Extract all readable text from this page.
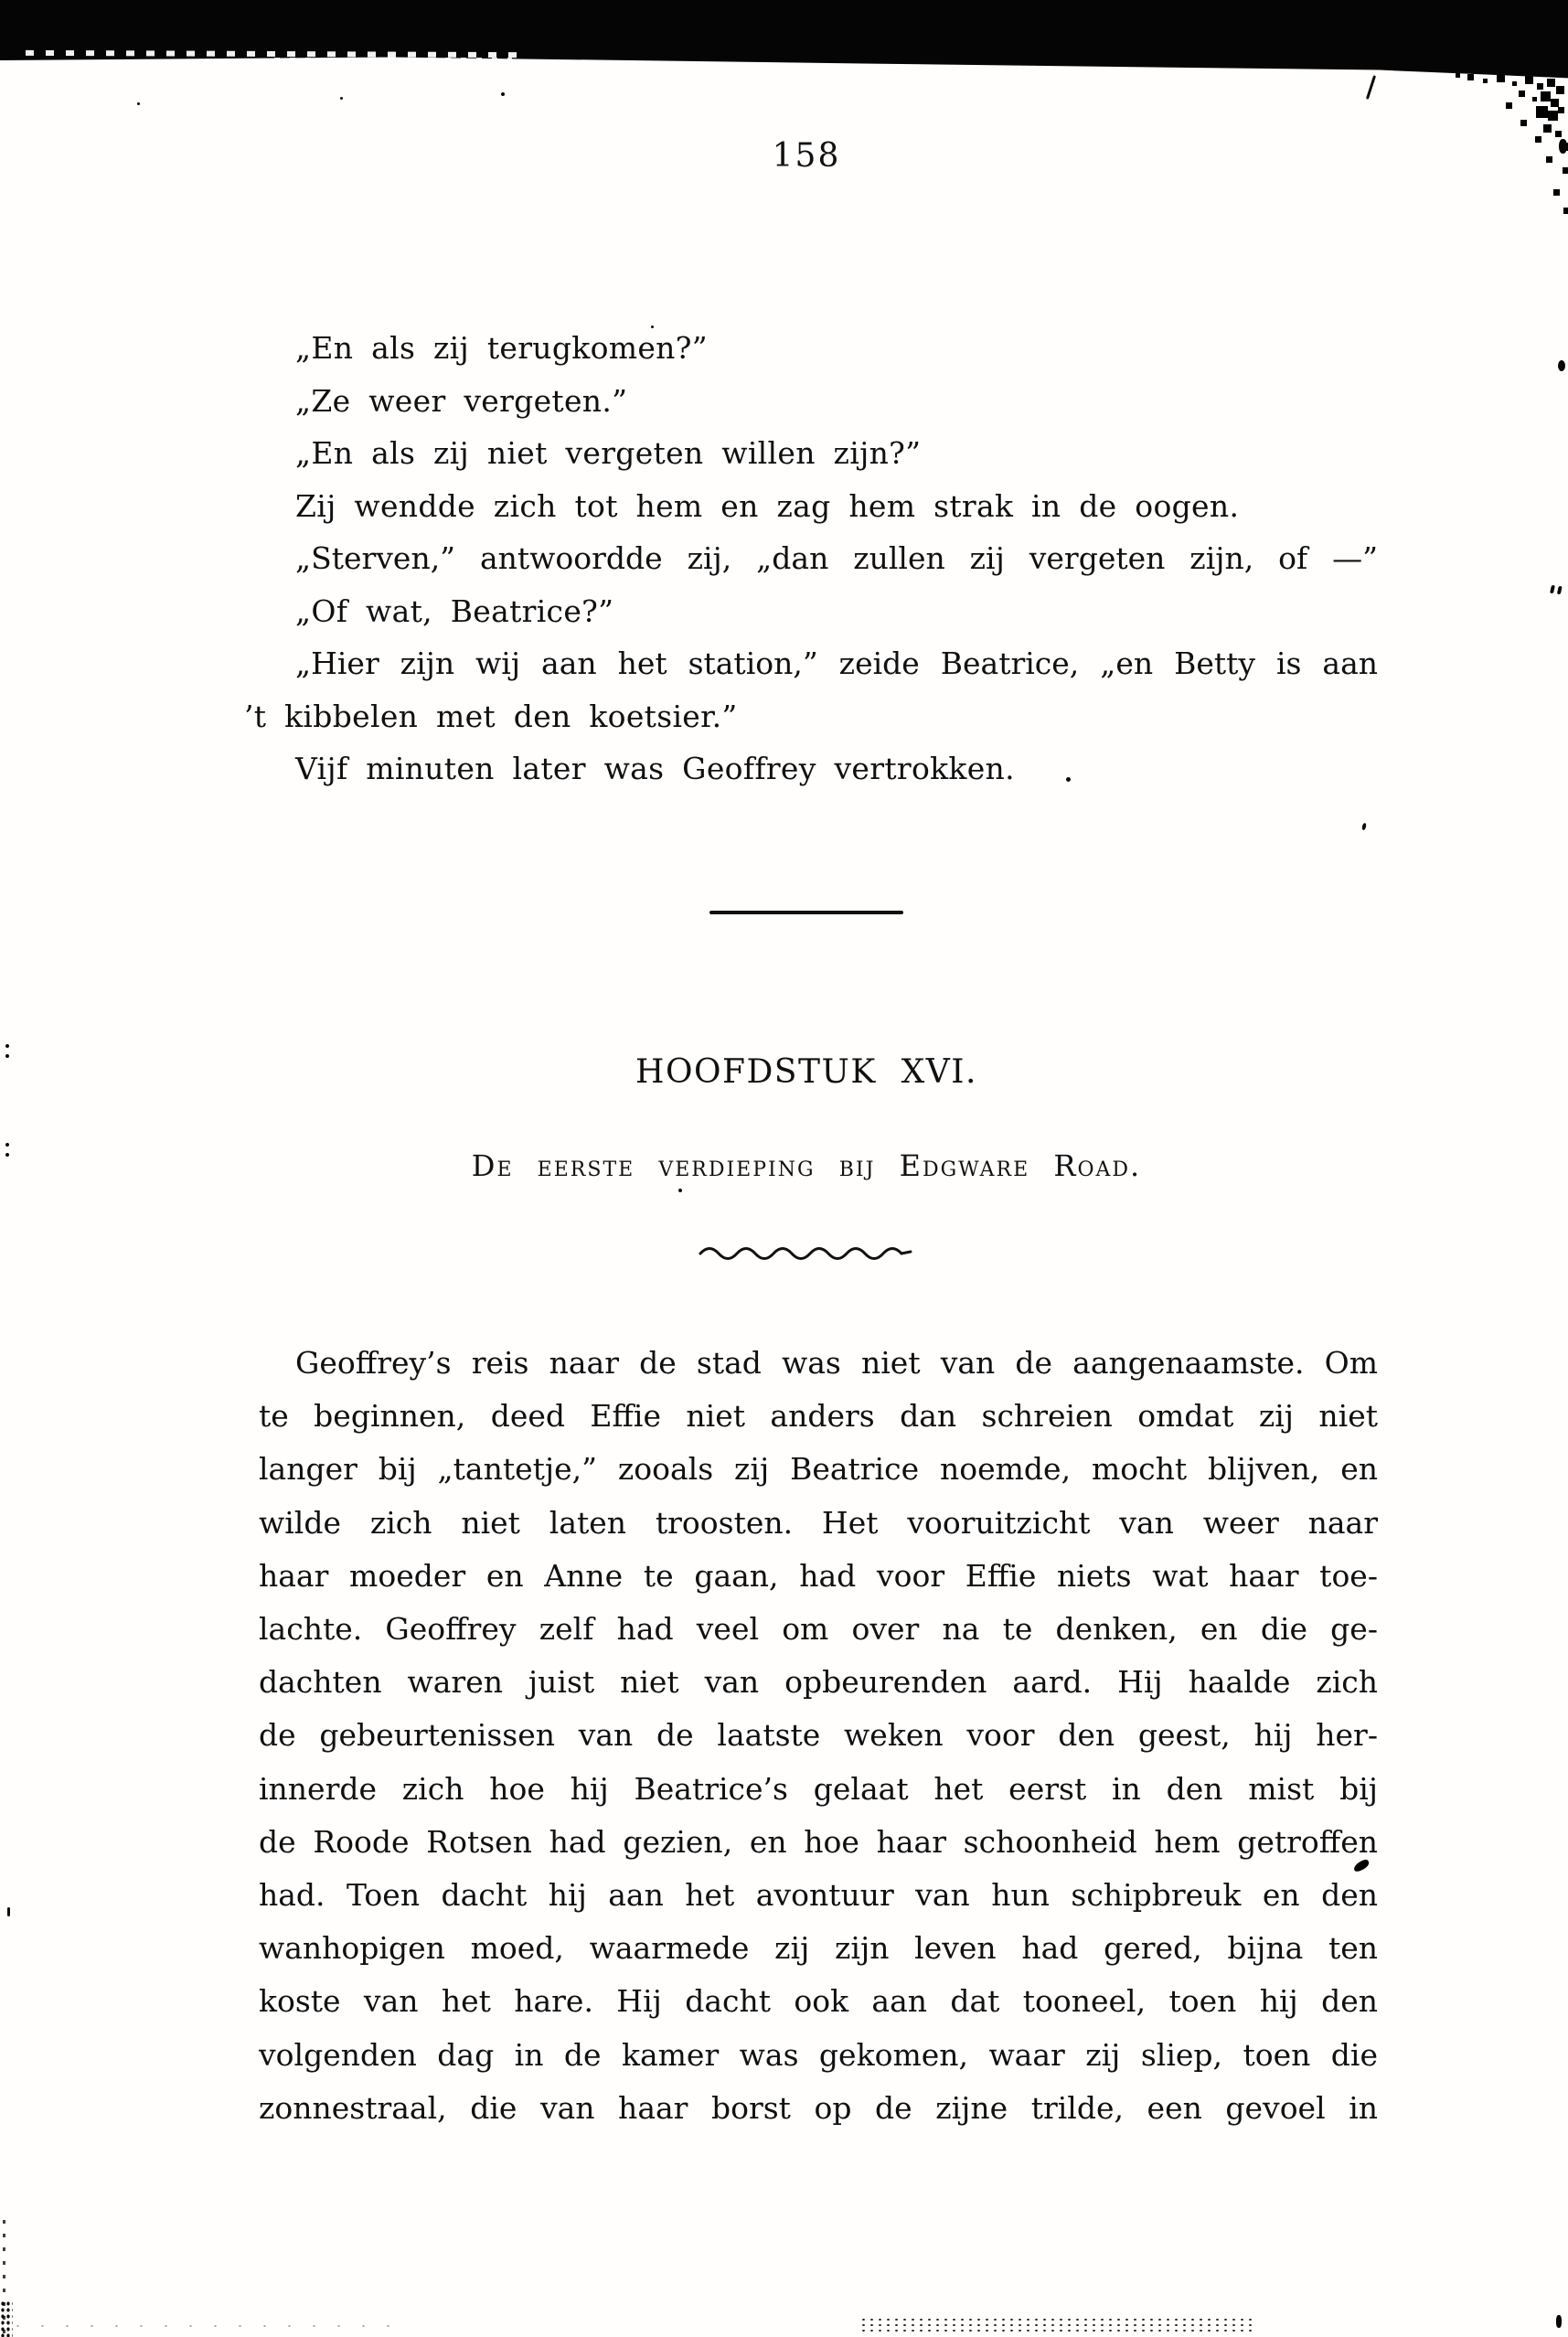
158
„En als zij terugkomen?”
„Ze weer vergeten.”
„En als zij niet vergeten willen zijn?”
Zij wendde zich tot hem en zag hem strak in de oogen.
„Sterven,” antwoordde zij, „dan zullen zij vergeten zijn, of —”
„Of wat, Beatrice?”
„Hier zijn wij aan het station,” zeide Beatrice, „en Betty is aan
’t kibbelen met den koetsier.”
Vijf minuten later was Geoffrey vertrokken.
HOOFDSTUK XVI.
De eerste verdieping bij Edgware Road.
Geoffrey’s reis naar de stad was niet van de aangenaamste. Om
te beginnen, deed Effie niet anders dan schreien omdat zij niet
langer bij „tantetje,” zooals zij Beatrice noemde, mocht blijven, en
wilde zich niet laten troosten. Het vooruitzicht van weer naar
haar moeder en Anne te gaan, had voor Effie niets wat haar toe-
lachte. Geoffrey zelf had veel om over na te denken, en die ge-
dachten waren juist niet van opbeurenden aard. Hij haalde zich
de gebeurtenissen van de laatste weken voor den geest, hij her-
innerde zich hoe hij Beatrice’s gelaat het eerst in den mist bij
de Roode Rotsen had gezien, en hoe haar schoonheid hem getroffen
had. Toen dacht hij aan het avontuur van hun schipbreuk en den
wanhopigen moed, waarmede zij zijn leven had gered, bijna ten
koste van het hare. Hij dacht ook aan dat tooneel, toen hij den
volgenden dag in de kamer was gekomen, waar zij sliep, toen die
zonnestraal, die van haar borst op de zijne trilde, een gevoel in
